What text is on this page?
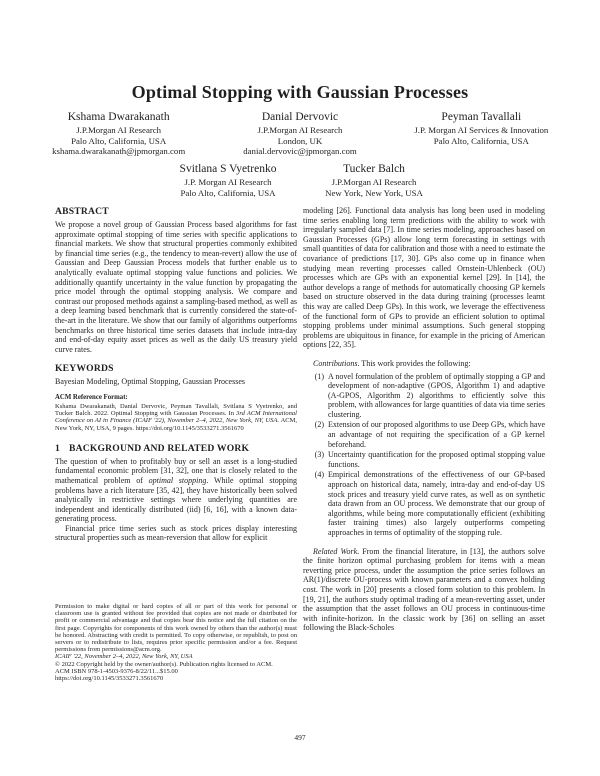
Optimal Stopping with Gaussian Processes
Kshama Dwarakanath
J.P.Morgan AI Research
Palo Alto, California, USA
kshama.dwarakanath@jpmorgan.com
Danial Dervovic
J.P.Morgan AI Research
London, UK
danial.dervovic@jpmorgan.com
Peyman Tavallali
J.P. Morgan AI Services & Innovation
Palo Alto, California, USA
Svitlana S Vyetrenko
J.P. Morgan AI Research
Palo Alto, California, USA
Tucker Balch
J.P.Morgan AI Research
New York, New York, USA
ABSTRACT

We propose a novel group of Gaussian Process based algorithms for fast approximate optimal stopping of time series with specific applications to financial markets. We show that structural properties commonly exhibited by financial time series (e.g., the tendency to mean-revert) allow the use of Gaussian and Deep Gaussian Process models that further enable us to analytically evaluate optimal stopping value functions and policies. We additionally quantify uncertainty in the value function by propagating the price model through the optimal stopping analysis. We compare and contrast our proposed methods against a sampling-based method, as well as a deep learning based benchmark that is currently considered the state-of-the-art in the literature. We show that our family of algorithms outperforms benchmarks on three historical time series datasets that include intra-day and end-of-day equity asset prices as well as the daily US treasury yield curve rates.

KEYWORDS

Bayesian Modeling, Optimal Stopping, Gaussian Processes

ACM Reference Format:

Kshama Dwarakanath, Danial Dervovic, Peyman Tavallali, Svitlana S Vyetrenko, and Tucker Balch. 2022. Optimal Stopping with Gaussian Processes. In 3rd ACM International Conference on AI in Finance (ICAIF '22), November 2–4, 2022, New York, NY, USA. ACM, New York, NY, USA, 9 pages. https://doi.org/10.1145/3533271.3561670

1 BACKGROUND AND RELATED WORK

The question of when to profitably buy or sell an asset is a long-studied fundamental economic problem [31, 32], one that is closely related to the mathematical problem of optimal stopping. While optimal stopping problems have a rich literature [35, 42], they have historically been solved analytically in restrictive settings where underlying quantities are independent and identically distributed (iid) [6, 16], with a known data-generating process.

Financial price time series such as stock prices display interesting structural properties such as mean-reversion that allow for explicit

modeling [26]. Functional data analysis has long been used in modeling time series enabling long term predictions with the ability to work with irregularly sampled data [7]. In time series modeling, approaches based on Gaussian Processes (GPs) allow long term forecasting in settings with small quantities of data for calibration and those with a need to estimate the covariance of predictions [17, 30]. GPs also come up in finance when studying mean reverting processes called Ornstein-Uhlenbeck (OU) processes which are GPs with an exponential kernel [29]. In [14], the author develops a range of methods for automatically choosing GP kernels based on structure observed in the data during training (processes learnt this way are called Deep GPs). In this work, we leverage the effectiveness of the functional form of GPs to provide an efficient solution to optimal stopping problems under minimal assumptions. Such general stopping problems are ubiquitous in finance, for example in the pricing of American options [22, 35].

Contributions. This work provides the following:

(1) A novel formulation of the problem of optimally stopping a GP and development of non-adaptive (GPOS, Algorithm 1) and adaptive (A-GPOS, Algorithm 2) algorithms to efficiently solve this problem, with allowances for large quantities of data via time series clustering.
(2) Extension of our proposed algorithms to use Deep GPs, which have an advantage of not requiring the specification of a GP kernel beforehand.
(3) Uncertainty quantification for the proposed optimal stopping value functions.
(4) Empirical demonstrations of the effectiveness of our GP-based approach on historical data, namely, intra-day and end-of-day US stock prices and treasury yield curve rates, as well as on synthetic data drawn from an OU process. We demonstrate that our group of algorithms, while being more computationally efficient (exhibiting faster training times) also largely outperforms competing approaches in terms of optimality of the stopping rule.

Related Work. From the financial literature, in [13], the authors solve the finite horizon optimal purchasing problem for items with a mean reverting price process, under the assumption the price series follows an AR(1)/discrete OU-process with known parameters and a convex holding cost. The work in [20] presents a closed form solution to this problem. In [19, 21], the authors study optimal trading of a mean-reverting asset, under the assumption that the asset follows an OU process in continuous-time with infinite-horizon. In the classic work by [36] on selling an asset following the Black-Scholes

Permission to make digital or hard copies of all or part of this work for personal or classroom use is granted without fee provided that copies are not made or distributed for profit or commercial advantage and that copies bear this notice and the full citation on the first page. Copyrights for components of this work owned by others than the author(s) must be honored. Abstracting with credit is permitted. To copy otherwise, or republish, to post on servers or to redistribute to lists, requires prior specific permission and/or a fee. Request permissions from permissions@acm.org.

ICAIF '22, November 2–4, 2022, New York, NY, USA
© 2022 Copyright held by the owner/author(s). Publication rights licensed to ACM.
ACM ISBN 978-1-4503-9376-8/22/11...$15.00
https://doi.org/10.1145/3533271.3561670
497
